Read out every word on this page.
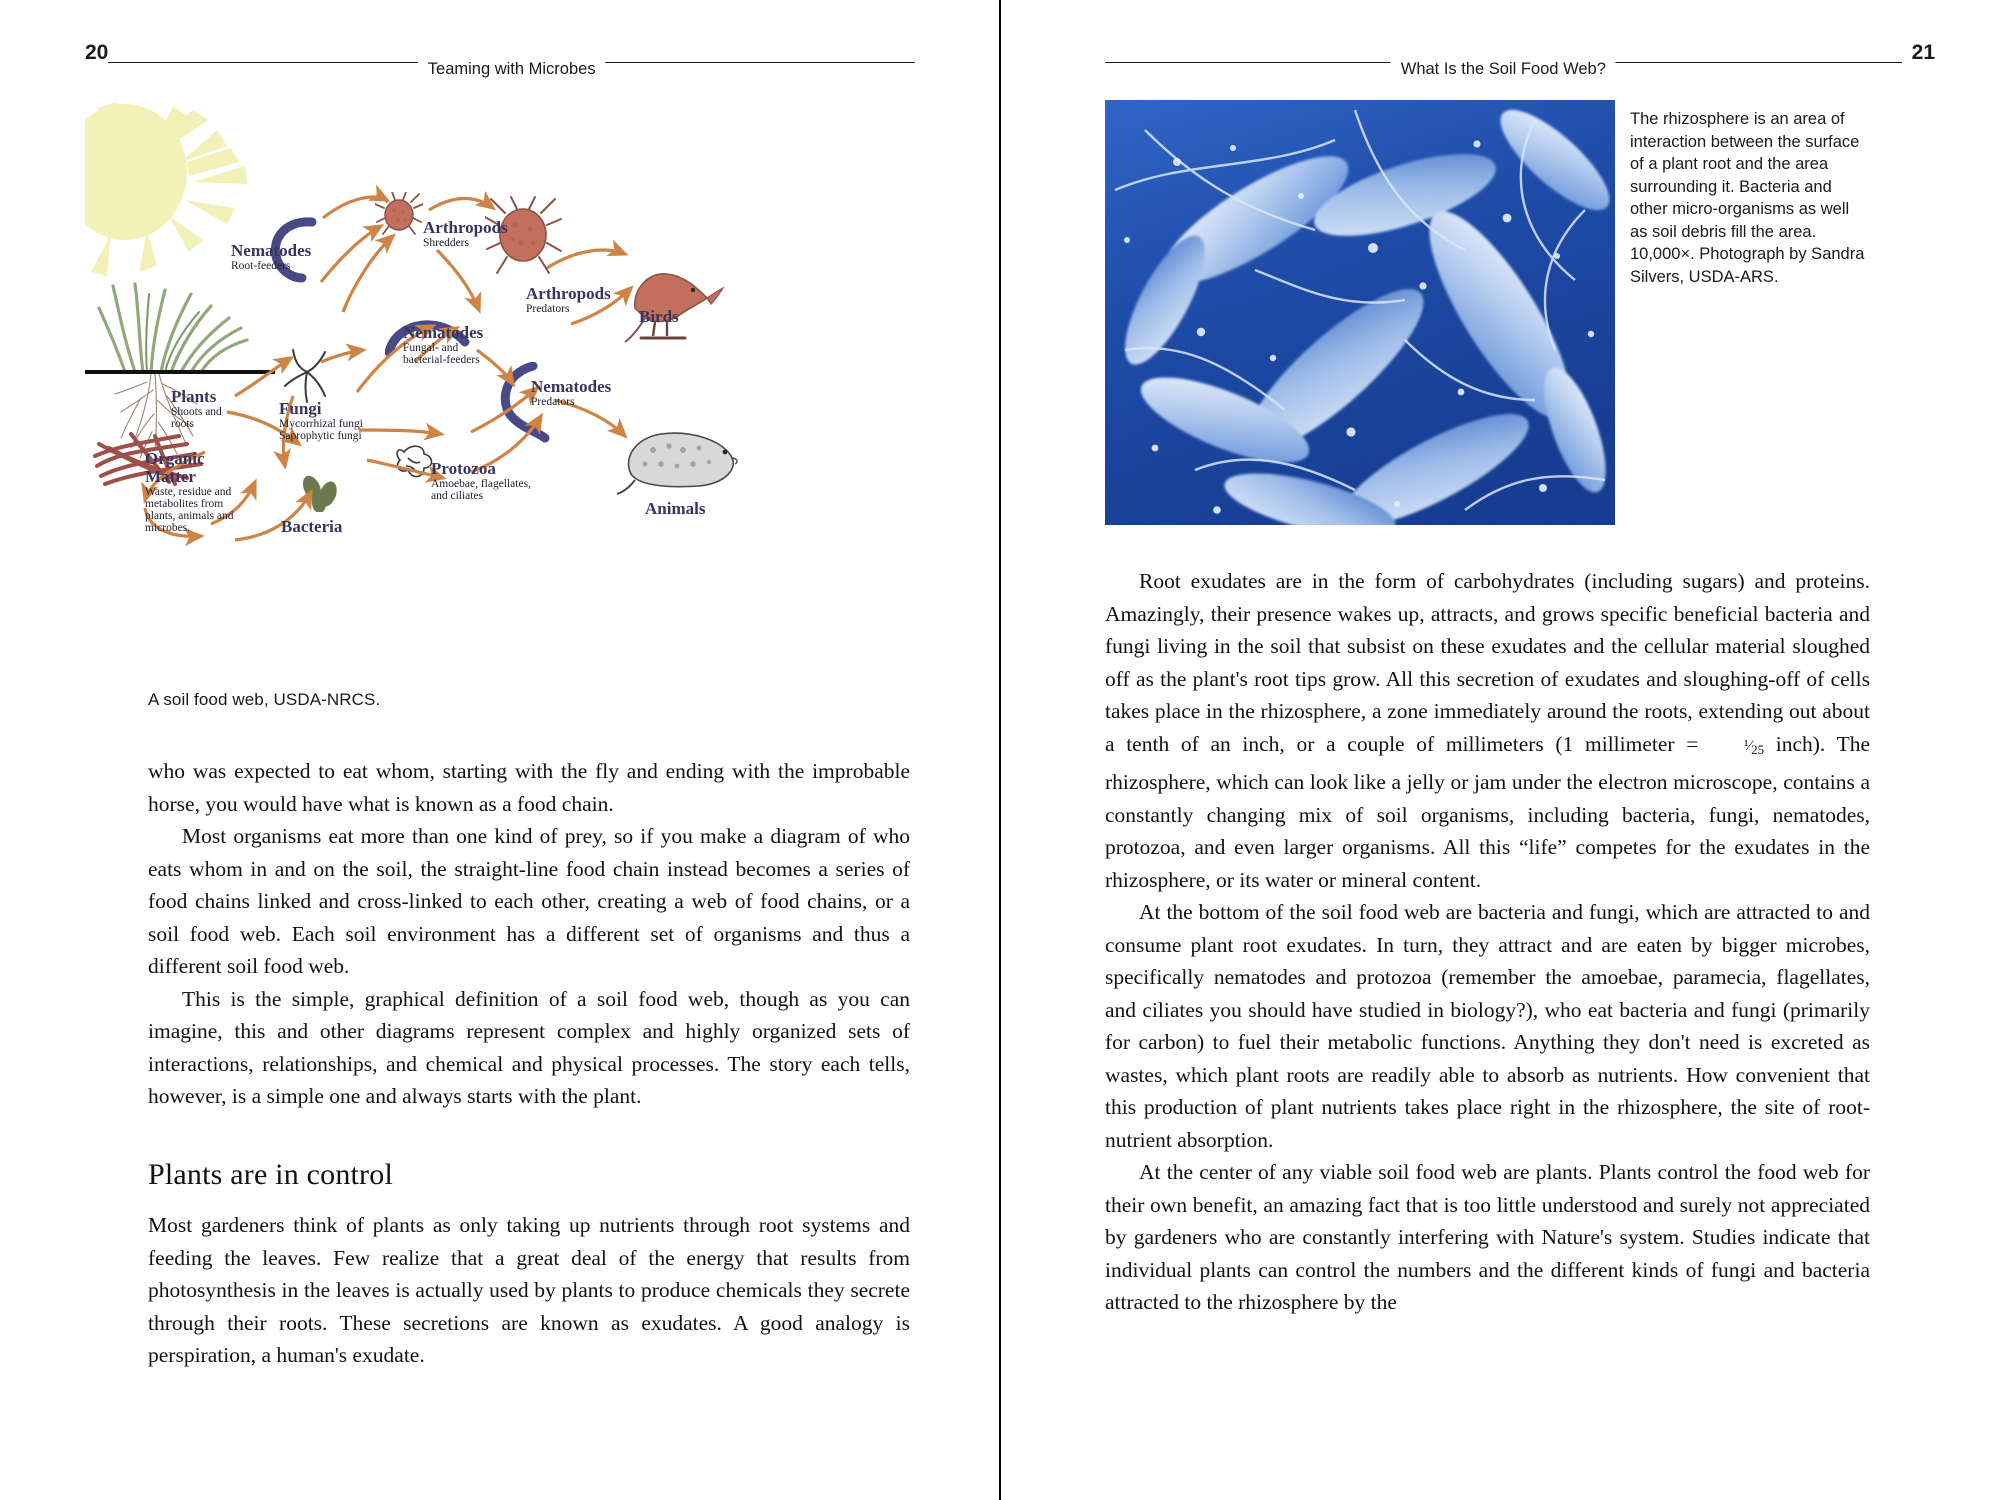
20
Teaming with Microbes
Nematodes
Root-feeders
Arthropods
Shredders
Arthropods
Predators	Birds
Nematodes
Fungal- and
bacterial-feeders
Nematodes
Predators
Fungi
Mycorrhizal fungi
Saprophytic fungi
Plants
Shoots and
roots
Organic
Matter
Waste, residue and
metabolites from
plants, animals and
microbes.	Bacteria
Protozoa
Amoebae, flagellates,
and ciliates
Animals
A soil food web, USDA-NRCS.

who was expected to eat whom, starting with the fly and ending with the improbable horse, you would have what is known as a food chain.

Most organisms eat more than one kind of prey, so if you make a diagram of who eats whom in and on the soil, the straight-line food chain instead becomes a series of food chains linked and cross-linked to each other, creating a web of food chains, or a soil food web. Each soil environment has a different set of organisms and thus a different soil food web.

This is the simple, graphical definition of a soil food web, though as you can imagine, this and other diagrams represent complex and highly organized sets of interactions, relationships, and chemical and physical processes. The story each tells, however, is a simple one and always starts with the plant.

Plants are in control

Most gardeners think of plants as only taking up nutrients through root systems and feeding the leaves. Few realize that a great deal of the energy that results from photosynthesis in the leaves is actually used by plants to produce chemicals they secrete through their roots. These secretions are known as exudates. A good analogy is perspiration, a human's exudate.

What Is the Soil Food Web?
21
The rhizosphere is an area of interaction between the surface of a plant root and the area surrounding it. Bacteria and other micro-organisms as well as soil debris fill the area. 10,000×. Photograph by Sandra Silvers, USDA-ARS.

Root exudates are in the form of carbohydrates (including sugars) and proteins. Amazingly, their presence wakes up, attracts, and grows specific beneficial bacteria and fungi living in the soil that subsist on these exudates and the cellular material sloughed off as the plant's root tips grow. All this secretion of exudates and sloughing-off of cells takes place in the rhizosphere, a zone immediately around the roots, extending out about a tenth of an inch, or a couple of millimeters (1 millimeter = $^1⁄_{25}$ inch). The rhizosphere, which can look like a jelly or jam under the electron microscope, contains a constantly changing mix of soil organisms, including bacteria, fungi, nematodes, protozoa, and even larger organisms. All this “life” competes for the exudates in the rhizosphere, or its water or mineral content.

At the bottom of the soil food web are bacteria and fungi, which are attracted to and consume plant root exudates. In turn, they attract and are eaten by bigger microbes, specifically nematodes and protozoa (remember the amoebae, paramecia, flagellates, and ciliates you should have studied in biology?), who eat bacteria and fungi (primarily for carbon) to fuel their metabolic functions. Anything they don't need is excreted as wastes, which plant roots are readily able to absorb as nutrients. How convenient that this production of plant nutrients takes place right in the rhizosphere, the site of root-nutrient absorption.

At the center of any viable soil food web are plants. Plants control the food web for their own benefit, an amazing fact that is too little understood and surely not appreciated by gardeners who are constantly interfering with Nature's system. Studies indicate that individual plants can control the numbers and the different kinds of fungi and bacteria attracted to the rhizosphere by the
